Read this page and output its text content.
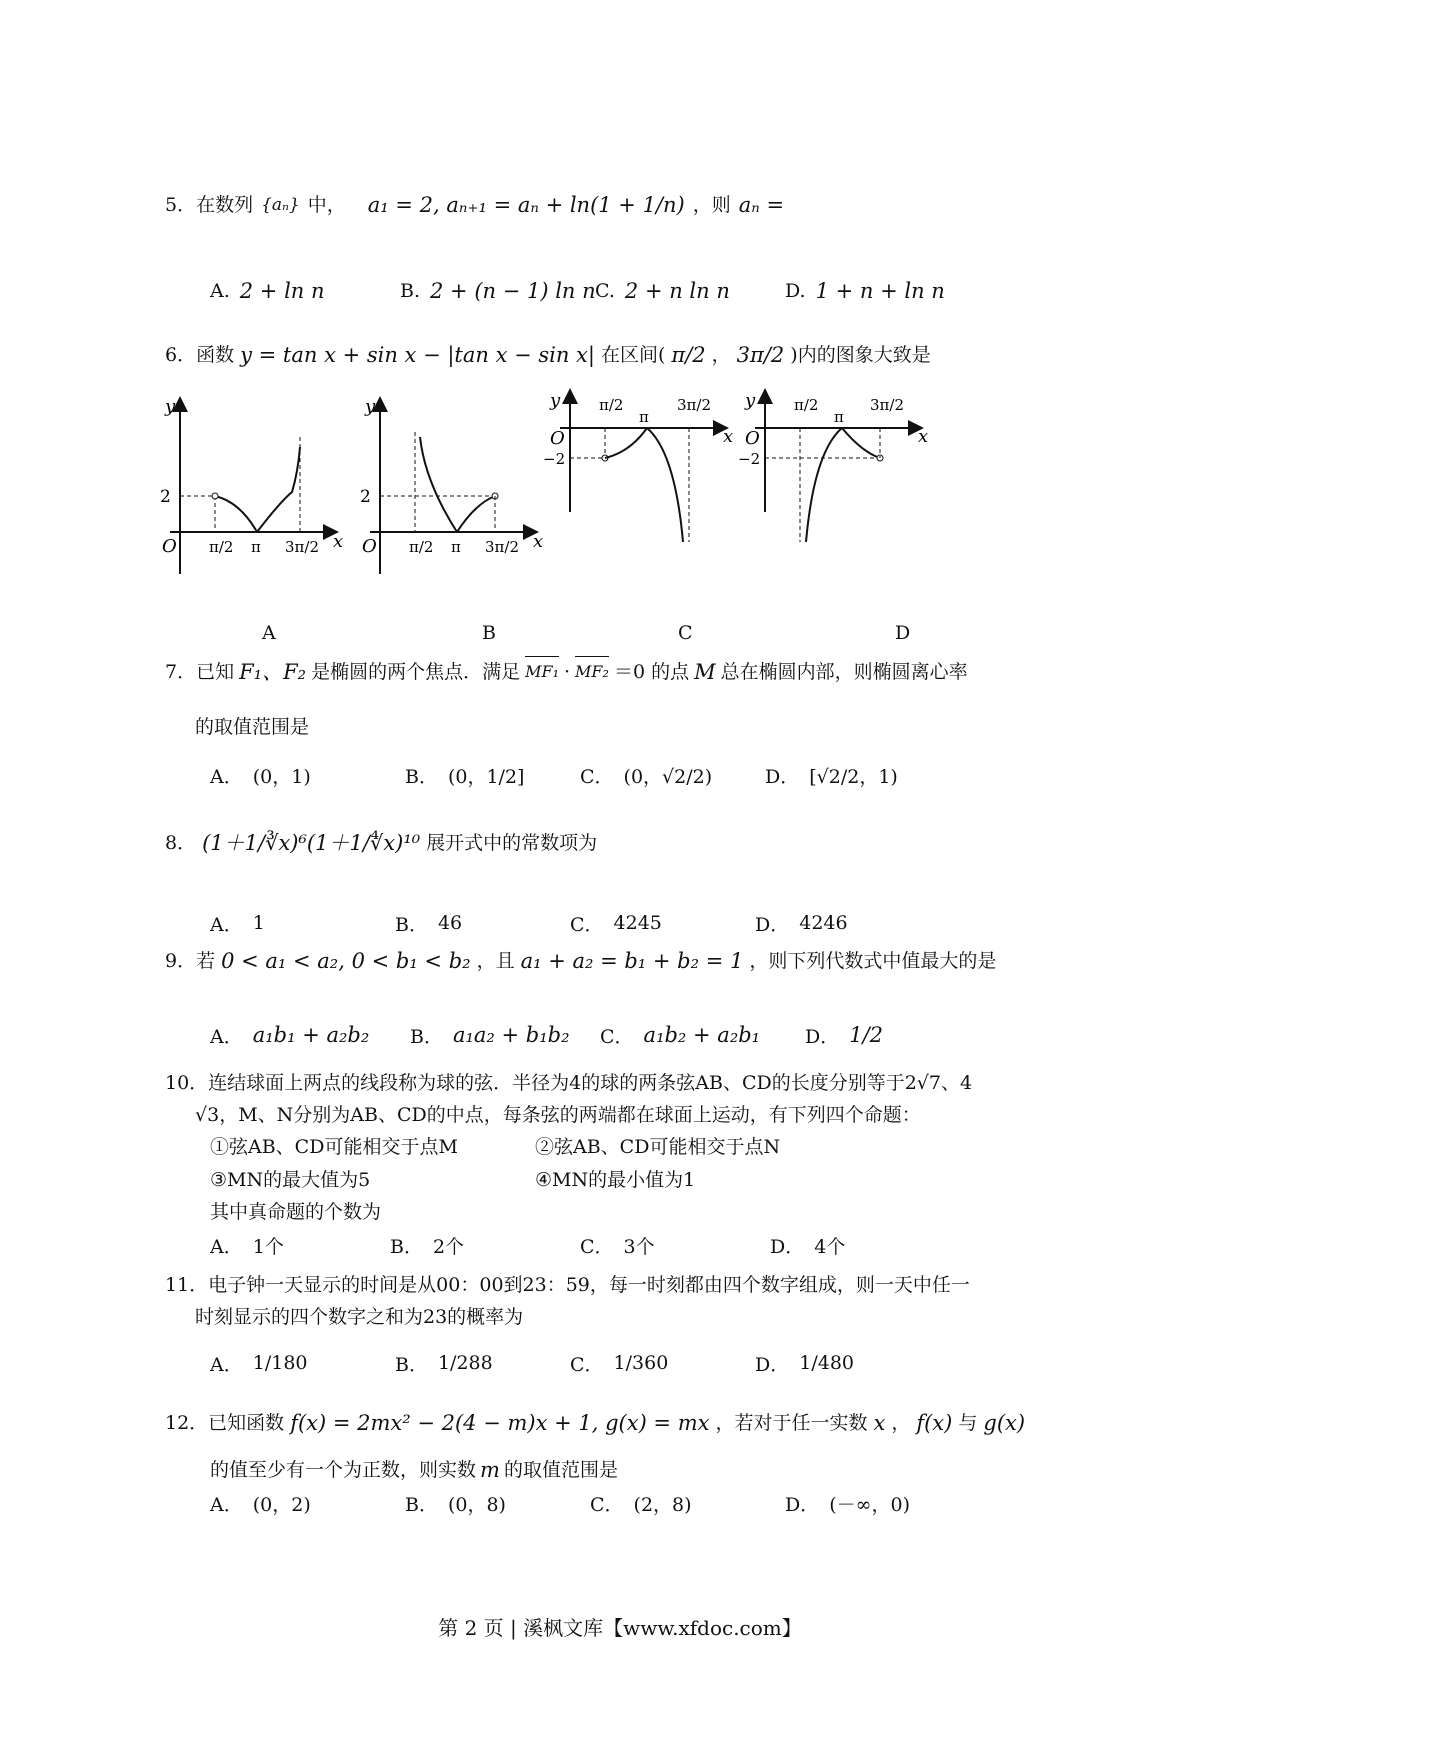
5．在数列 {aₙ} 中， a₁ = 2, aₙ₊₁ = aₙ + ln(1 + 1/n) ，则 aₙ =
A. 2 + ln n	B. 2 + (n − 1) ln n C. 2 + n ln n	D. 1 + n + ln n
6．函数 y = tan x + sin x − |tan x − sin x| 在区间( π/2 ， 3π/2 )内的图象大致是
y
x
O
2
π/2 π 3π/2
y
x
O
2
π/2 π 3π/2
y
x
O
−2
π/2
π
3π/2 y
x
O
−2
π/2
π
3π/2
A	B	C	D
7．已知 F₁、F₂ 是椭圆的两个焦点．满足 MF₁ · MF₂ ＝0 的点 M 总在椭圆内部，则椭圆离心率
的取值范围是
A． (0，1)	B． (0，1/2]	C． (0，√2/2)	D． [√2/2，1)
8． (1＋1/∛x)⁶(1＋1/∜x)¹⁰ 展开式中的常数项为
A． 1	B． 46	C． 4245	D． 4246
9．若 0 < a₁ < a₂, 0 < b₁ < b₂ ，且 a₁ + a₂ = b₁ + b₂ = 1 ，则下列代数式中值最大的是
A． a₁b₁ + a₂b₂ B． a₁a₂ + b₁b₂ C． a₁b₂ + a₂b₁ D． 1/2
10．连结球面上两点的线段称为球的弦．半径为4的球的两条弦AB、CD的长度分别等于2√7、4
√3，M、N分别为AB、CD的中点，每条弦的两端都在球面上运动，有下列四个命题：
①弦AB、CD可能相交于点M	②弦AB、CD可能相交于点N
③MN的最大值为5	④MN的最小值为1
其中真命题的个数为
A． 1个	B． 2个	C． 3个	D． 4个
11．电子钟一天显示的时间是从00：00到23：59，每一时刻都由四个数字组成，则一天中任一
时刻显示的四个数字之和为23的概率为
A． 1/180	B． 1/288	C． 1/360	D． 1/480
12．已知函数 f(x) = 2mx² − 2(4 − m)x + 1, g(x) = mx ，若对于任一实数 x ， f(x) 与 g(x)
的值至少有一个为正数，则实数 m 的取值范围是
A． (0，2)	B． (0，8)	C． (2，8)	D． (－∞，0)
第 2 页 | 溪枫文库【www.xfdoc.com】
